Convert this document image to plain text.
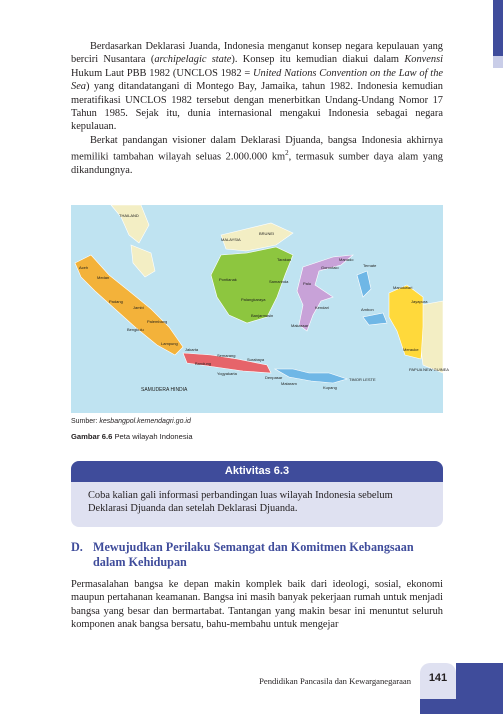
Berdasarkan Deklarasi Juanda, Indonesia menganut konsep negara kepulauan yang berciri Nusantara (archipelagic state). Konsep itu kemudian diakui dalam Konvensi Hukum Laut PBB 1982 (UNCLOS 1982 = United Nations Convention on the Law of the Sea) yang ditandatangani di Montego Bay, Jamaika, tahun 1982. Indonesia kemudian meratifikasi UNCLOS 1982 tersebut dengan menerbitkan Undang-Undang Nomor 17 Tahun 1985. Sejak itu, dunia internasional mengakui Indonesia sebagai negara kepulauan.

Berkat pandangan visioner dalam Deklarasi Djuanda, bangsa Indonesia akhirnya memiliki tambahan wilayah seluas 2.000.000 $km^2$, termasuk sumber daya alam yang dikandungnya.

THAILAND
MALAYSIA
BRUNEI
Aceh
Medan
Padang
Jambi
Palembang
Bengkulu
Lampung
Jakarta
Bandung
Semarang
Yogyakarta
Surabaya
Denpasar
Mataram
Kupang
TIMOR LESTE
SAMUDERA HINDIA
Pontianak
Palangkaraya
Banjarmasin
Samarinda
Tarakan
Palu
Gorontalo
Manado
Makassar
Kendari
Ternate
Ambon
Manokwari
Jayapura
Merauke
PAPUA NEW GUINEA
Sumber: kesbangpol.kemendagri.go.id
Gambar 6.6 Peta wilayah Indonesia
Aktivitas 6.3
Coba kalian gali informasi perbandingan luas wilayah Indonesia sebelum Deklarasi Djuanda dan setelah Deklarasi Djuanda.
D. Mewujudkan Perilaku Semangat dan Komitmen Kebangsaan dalam Kehidupan

Permasalahan bangsa ke depan makin komplek baik dari ideologi, sosial, ekonomi maupun pertahanan keamanan. Bangsa ini masih banyak pekerjaan rumah untuk menjadi bangsa yang besar dan bermartabat. Tantangan yang makin besar ini menuntut seluruh komponen anak bangsa bersatu, bahu-membahu untuk mengejar

Pendidikan Pancasila dan Kewarganegaraan	141
